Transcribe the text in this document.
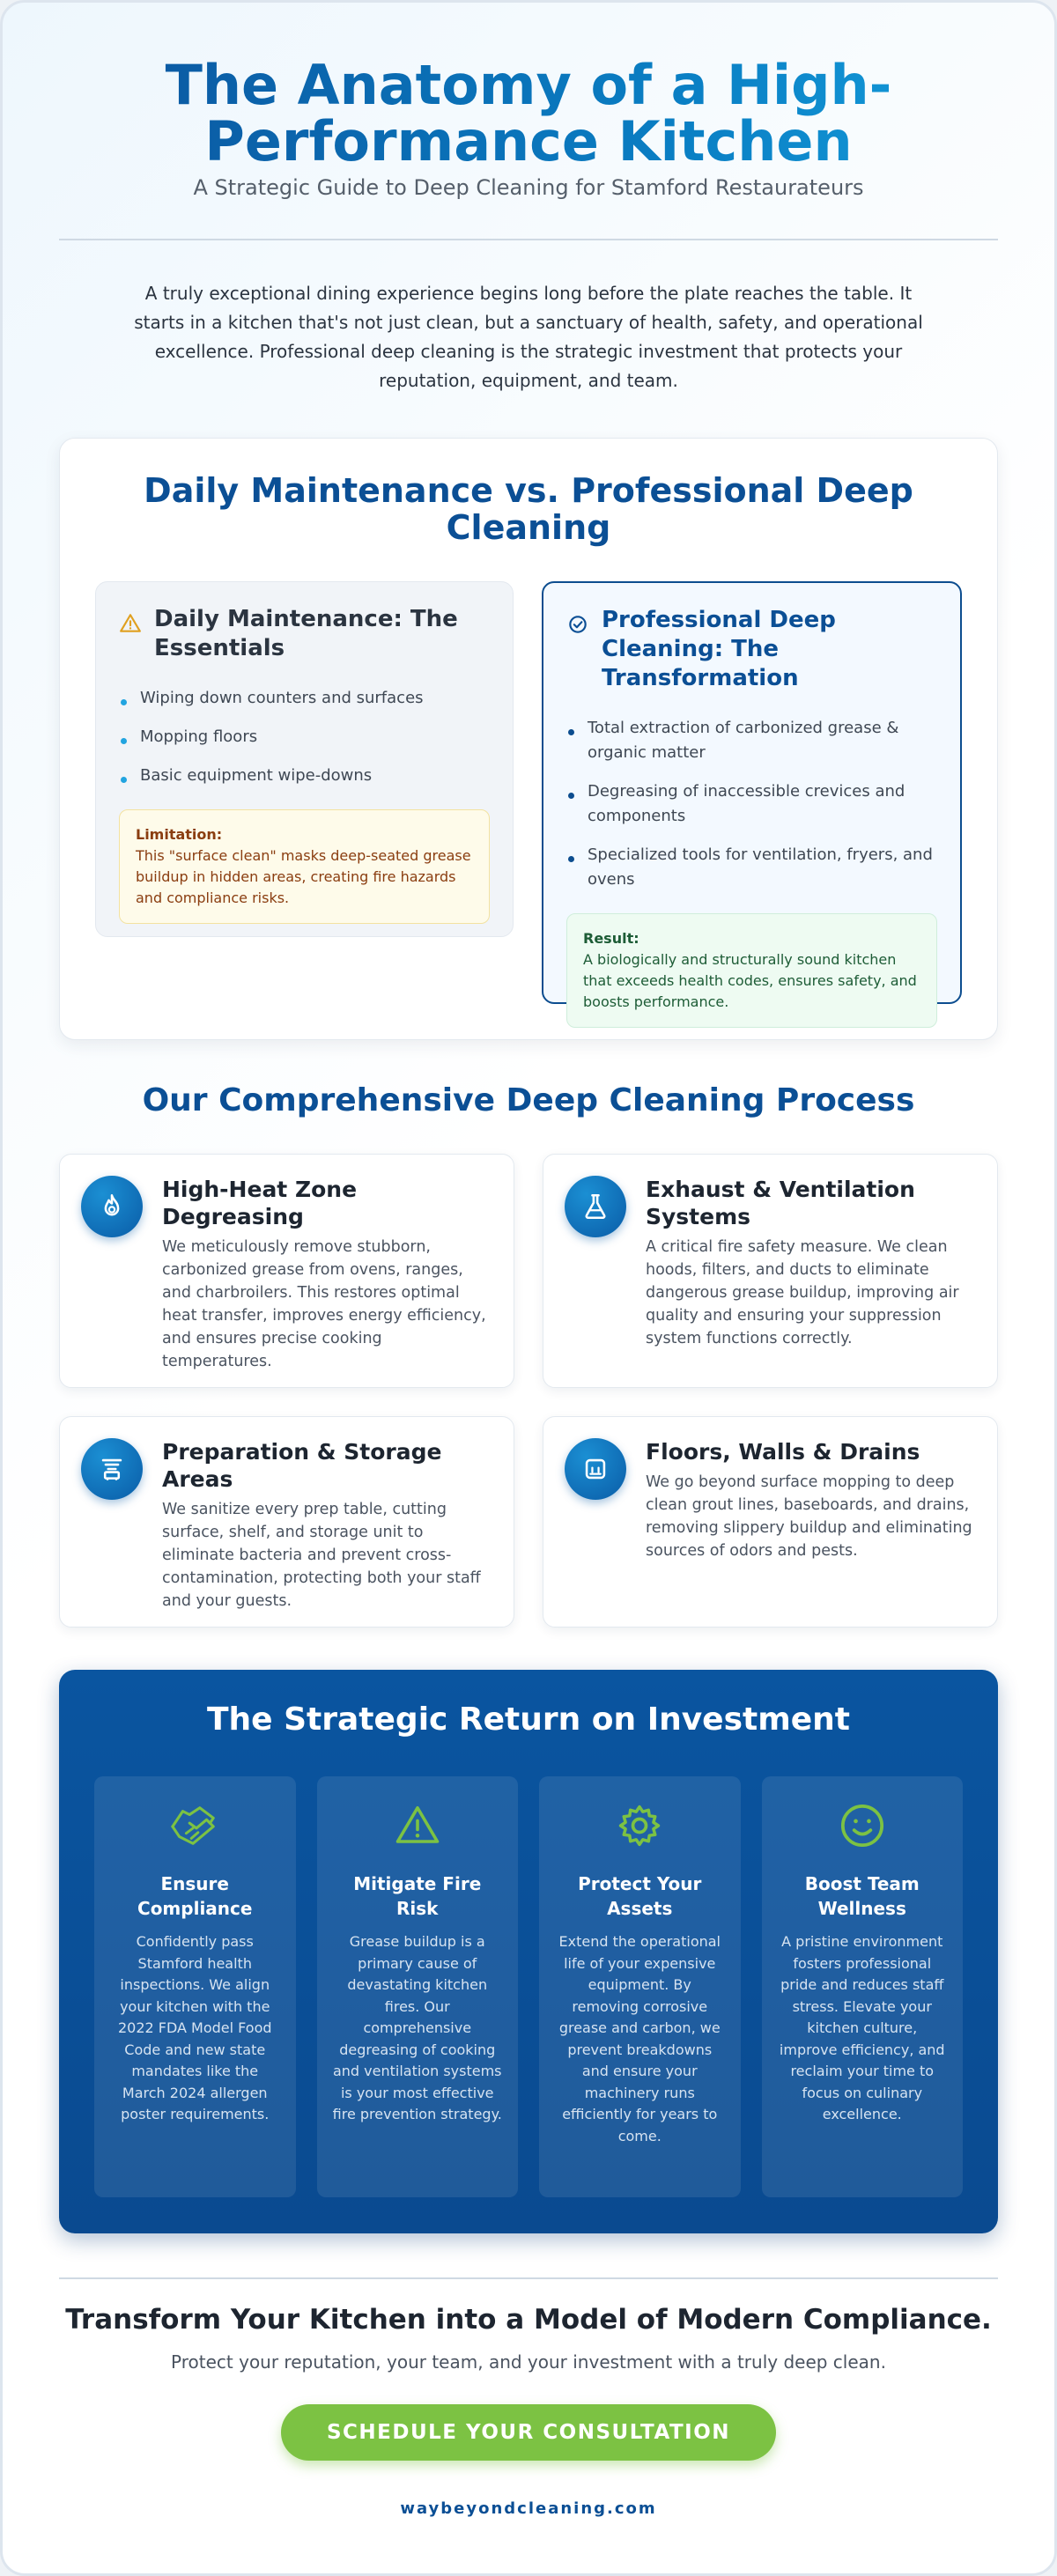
The Anatomy of a High-Performance Kitchen
A Strategic Guide to Deep Cleaning for Stamford Restaurateurs

A truly exceptional dining experience begins long before the plate reaches the table. It starts in a kitchen that's not just clean, but a sanctuary of health, safety, and operational excellence. Professional deep cleaning is the strategic investment that protects your reputation, equipment, and team.

Daily Maintenance vs. Professional Deep Cleaning
Daily Maintenance: The Essentials
Wiping down counters and surfaces
Mopping floors
Basic equipment wipe-downs
Limitation:
This "surface clean" masks deep-seated grease buildup in hidden areas, creating fire hazards and compliance risks.
Professional Deep Cleaning: The Transformation
Total extraction of carbonized grease & organic matter
Degreasing of inaccessible crevices and components
Specialized tools for ventilation, fryers, and ovens
Result:
A biologically and structurally sound kitchen that exceeds health codes, ensures safety, and boosts performance.
Our Comprehensive Deep Cleaning Process
High-Heat Zone Degreasing

We meticulously remove stubborn, carbonized grease from ovens, ranges, and charbroilers. This restores optimal heat transfer, improves energy efficiency, and ensures precise cooking temperatures.

Exhaust & Ventilation Systems

A critical fire safety measure. We clean hoods, filters, and ducts to eliminate dangerous grease buildup, improving air quality and ensuring your suppression system functions correctly.

Preparation & Storage Areas

We sanitize every prep table, cutting surface, shelf, and storage unit to eliminate bacteria and prevent cross-contamination, protecting both your staff and your guests.

Floors, Walls & Drains

We go beyond surface mopping to deep clean grout lines, baseboards, and drains, removing slippery buildup and eliminating sources of odors and pests.

The Strategic Return on Investment
Ensure Compliance

Confidently pass Stamford health inspections. We align your kitchen with the 2022 FDA Model Food Code and new state mandates like the March 2024 allergen poster requirements.

Mitigate Fire Risk

Grease buildup is a primary cause of devastating kitchen fires. Our comprehensive degreasing of cooking and ventilation systems is your most effective fire prevention strategy.

Protect Your Assets

Extend the operational life of your expensive equipment. By removing corrosive grease and carbon, we prevent breakdowns and ensure your machinery runs efficiently for years to come.

Boost Team Wellness

A pristine environment fosters professional pride and reduces staff stress. Elevate your kitchen culture, improve efficiency, and reclaim your time to focus on culinary excellence.

Transform Your Kitchen into a Model of Modern Compliance.

Protect your reputation, your team, and your investment with a truly deep clean.

SCHEDULE YOUR CONSULTATION
waybeyondcleaning.com
